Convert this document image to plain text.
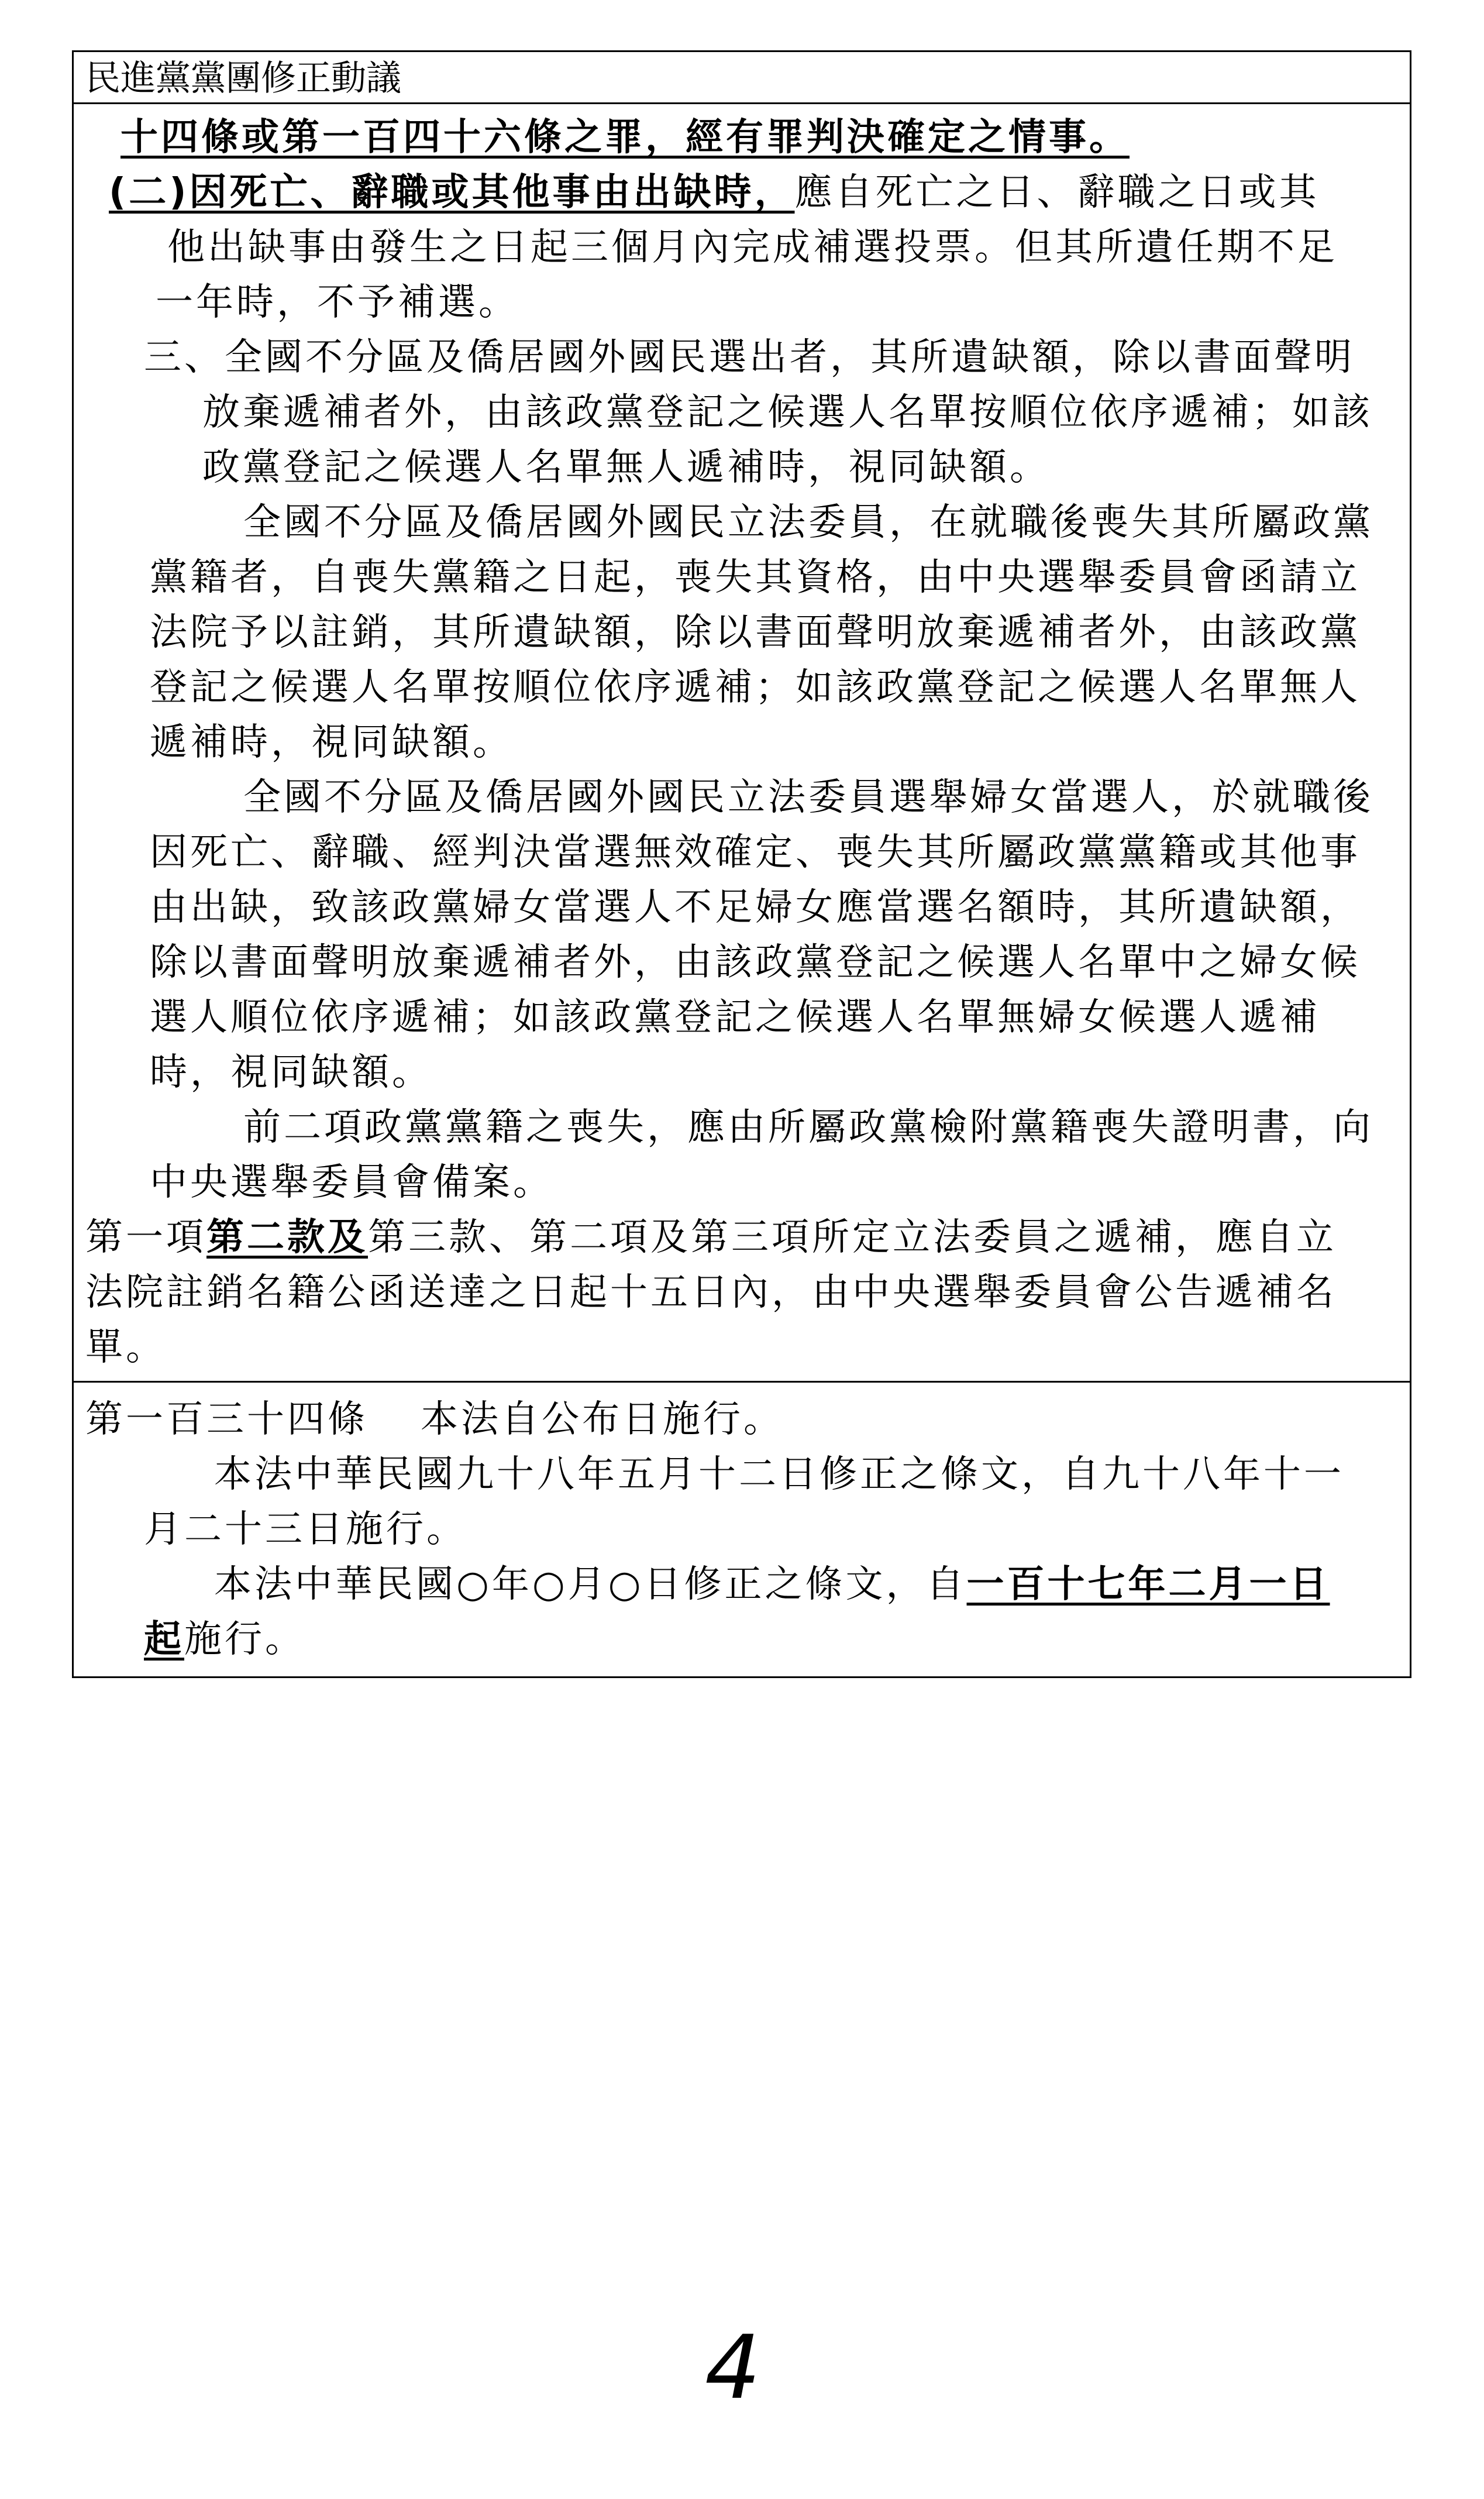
民進黨黨團修正動議
十四條或第一百四十六條之罪，經有罪判決確定之情事。
(二)因死亡、辭職或其他事由出缺時，應自死亡之日、辭職之日或其
他出缺事由發生之日起三個月內完成補選投票。但其所遺任期不足
一年時，不予補選。
三、全國不分區及僑居國外國民選出者，其所遺缺額，除以書面聲明
放棄遞補者外，由該政黨登記之候選人名單按順位依序遞補；如該
政黨登記之候選人名單無人遞補時，視同缺額。
全國不分區及僑居國外國民立法委員，在就職後喪失其所屬政黨
黨籍者，自喪失黨籍之日起，喪失其資格，由中央選舉委員會函請立
法院予以註銷，其所遺缺額，除以書面聲明放棄遞補者外，由該政黨
登記之候選人名單按順位依序遞補；如該政黨登記之候選人名單無人
遞補時，視同缺額。
全國不分區及僑居國外國民立法委員選舉婦女當選人，於就職後
因死亡、辭職、經判決當選無效確定、喪失其所屬政黨黨籍或其他事
由出缺，致該政黨婦女當選人不足婦女應當選名額時，其所遺缺額，
除以書面聲明放棄遞補者外，由該政黨登記之候選人名單中之婦女候
選人順位依序遞補；如該政黨登記之候選人名單無婦女候選人遞補
時，視同缺額。
前二項政黨黨籍之喪失，應由所屬政黨檢附黨籍喪失證明書，向
中央選舉委員會備案。
第一項第二款及第三款、第二項及第三項所定立法委員之遞補，應自立
法院註銷名籍公函送達之日起十五日內，由中央選舉委員會公告遞補名
單。
第一百三十四條 本法自公布日施行。
本法中華民國九十八年五月十二日修正之條文，自九十八年十一
月二十三日施行。
本法中華民國○年○月○日修正之條文，自一百十七年二月一日
起施行。
4
